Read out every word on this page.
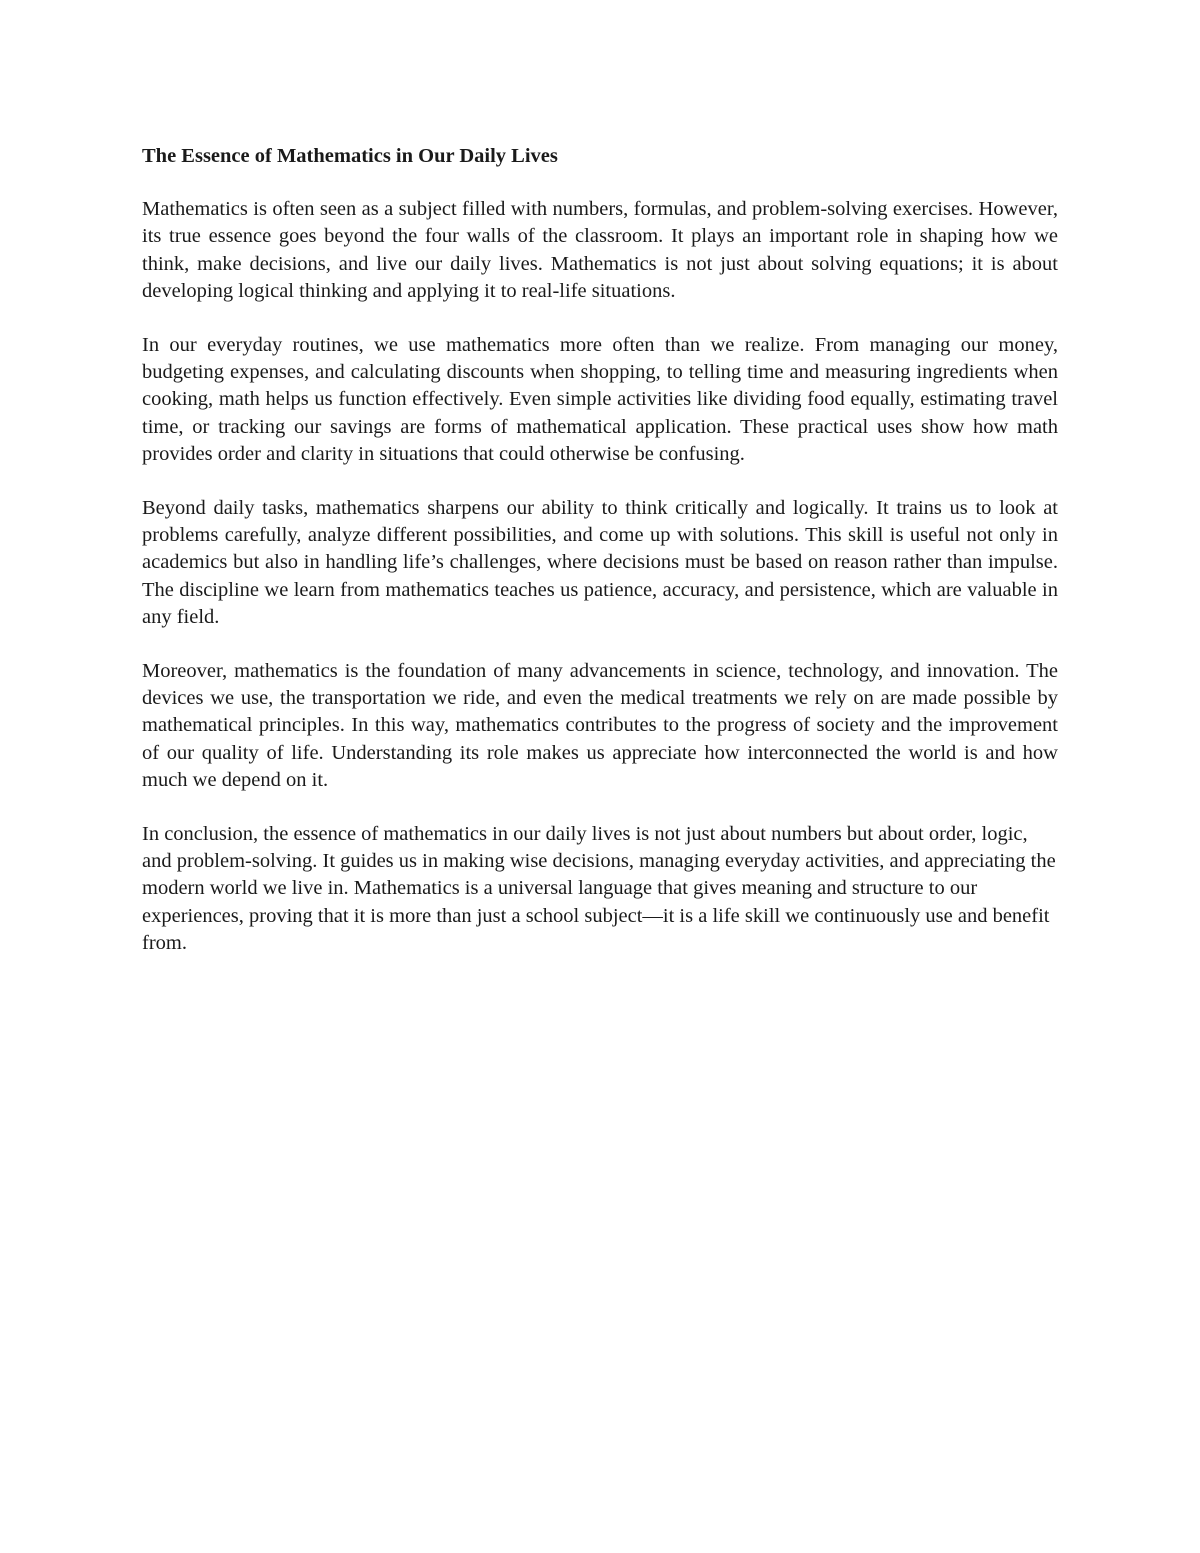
The Essence of Mathematics in Our Daily Lives

Mathematics is often seen as a subject filled with numbers, formulas, and problem-solving exercises. However, its true essence goes beyond the four walls of the classroom. It plays an important role in shaping how we think, make decisions, and live our daily lives. Mathematics is not just about solving equations; it is about developing logical thinking and applying it to real-life situations.

In our everyday routines, we use mathematics more often than we realize. From managing our money, budgeting expenses, and calculating discounts when shopping, to telling time and measuring ingredients when cooking, math helps us function effectively. Even simple activities like dividing food equally, estimating travel time, or tracking our savings are forms of mathematical application. These practical uses show how math provides order and clarity in situations that could otherwise be confusing.

Beyond daily tasks, mathematics sharpens our ability to think critically and logically. It trains us to look at problems carefully, analyze different possibilities, and come up with solutions. This skill is useful not only in academics but also in handling life’s challenges, where decisions must be based on reason rather than impulse. The discipline we learn from mathematics teaches us patience, accuracy, and persistence, which are valuable in any field.

Moreover, mathematics is the foundation of many advancements in science, technology, and innovation. The devices we use, the transportation we ride, and even the medical treatments we rely on are made possible by mathematical principles. In this way, mathematics contributes to the progress of society and the improvement of our quality of life. Understanding its role makes us appreciate how interconnected the world is and how much we depend on it.

In conclusion, the essence of mathematics in our daily lives is not just about numbers but about order, logic, and problem-solving. It guides us in making wise decisions, managing everyday activities, and appreciating the modern world we live in. Mathematics is a universal language that gives meaning and structure to our experiences, proving that it is more than just a school subject—it is a life skill we continuously use and benefit from.
